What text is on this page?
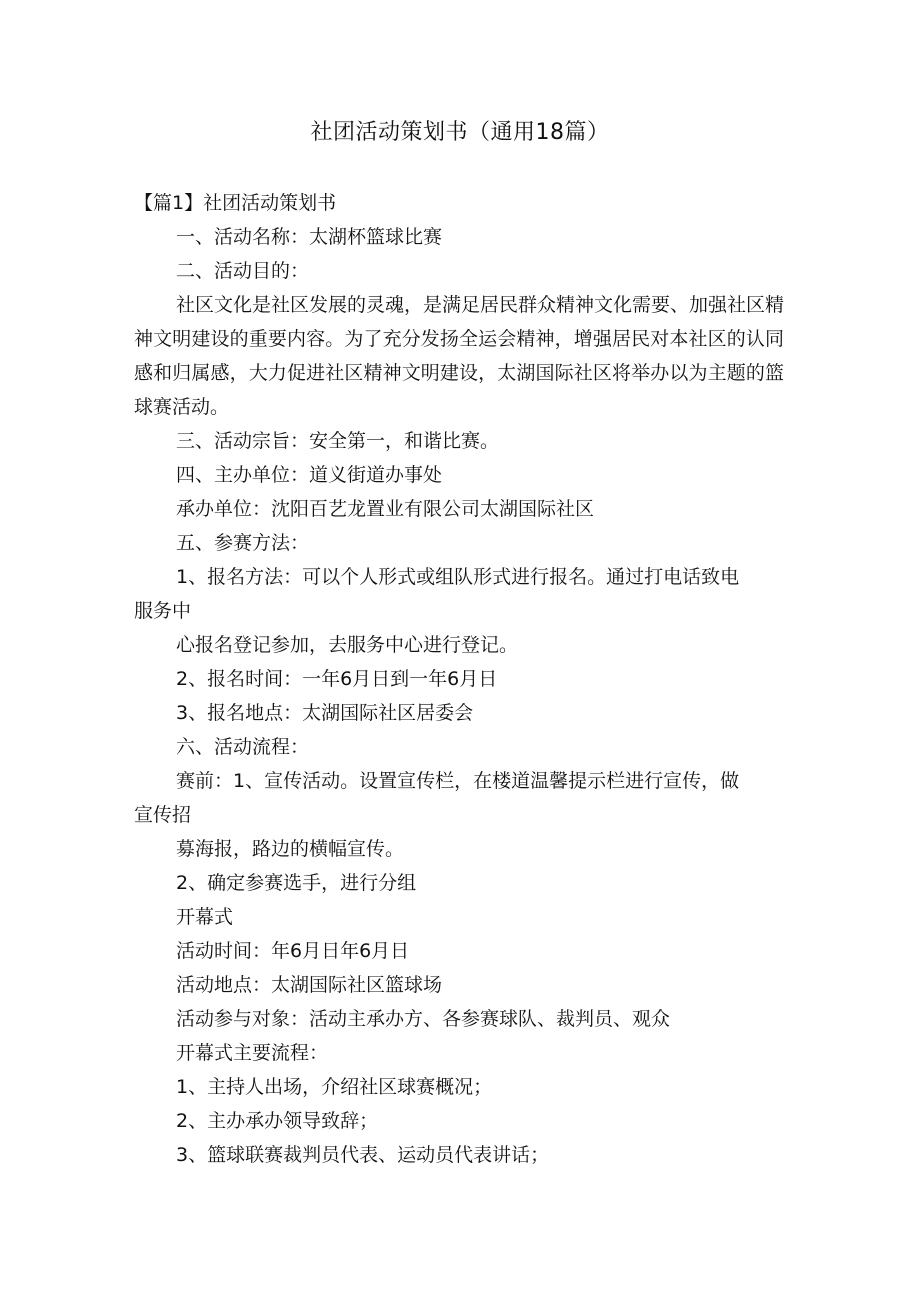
社团活动策划书（通用18篇）

【篇1】社团活动策划书

一、活动名称：太湖杯篮球比赛

二、活动目的：

社区文化是社区发展的灵魂，是满足居民群众精神文化需要、加强社区精神文明建设的重要内容。为了充分发扬全运会精神，增强居民对本社区的认同感和归属感，大力促进社区精神文明建设，太湖国际社区将举办以为主题的篮球赛活动。

三、活动宗旨：安全第一，和谐比赛。

四、主办单位：道义街道办事处

承办单位：沈阳百艺龙置业有限公司太湖国际社区

五、参赛方法：

1、报名方法：可以个人形式或组队形式进行报名。通过打电话致电

服务中

心报名登记参加，去服务中心进行登记。

2、报名时间：一年6月日到一年6月日

3、报名地点：太湖国际社区居委会

六、活动流程：

赛前：1、宣传活动。设置宣传栏，在楼道温馨提示栏进行宣传，做

宣传招

募海报，路边的横幅宣传。

2、确定参赛选手，进行分组

开幕式

活动时间：年6月日年6月日

活动地点：太湖国际社区篮球场

活动参与对象：活动主承办方、各参赛球队、裁判员、观众

开幕式主要流程：

1、主持人出场，介绍社区球赛概况；

2、主办承办领导致辞；

3、篮球联赛裁判员代表、运动员代表讲话；
